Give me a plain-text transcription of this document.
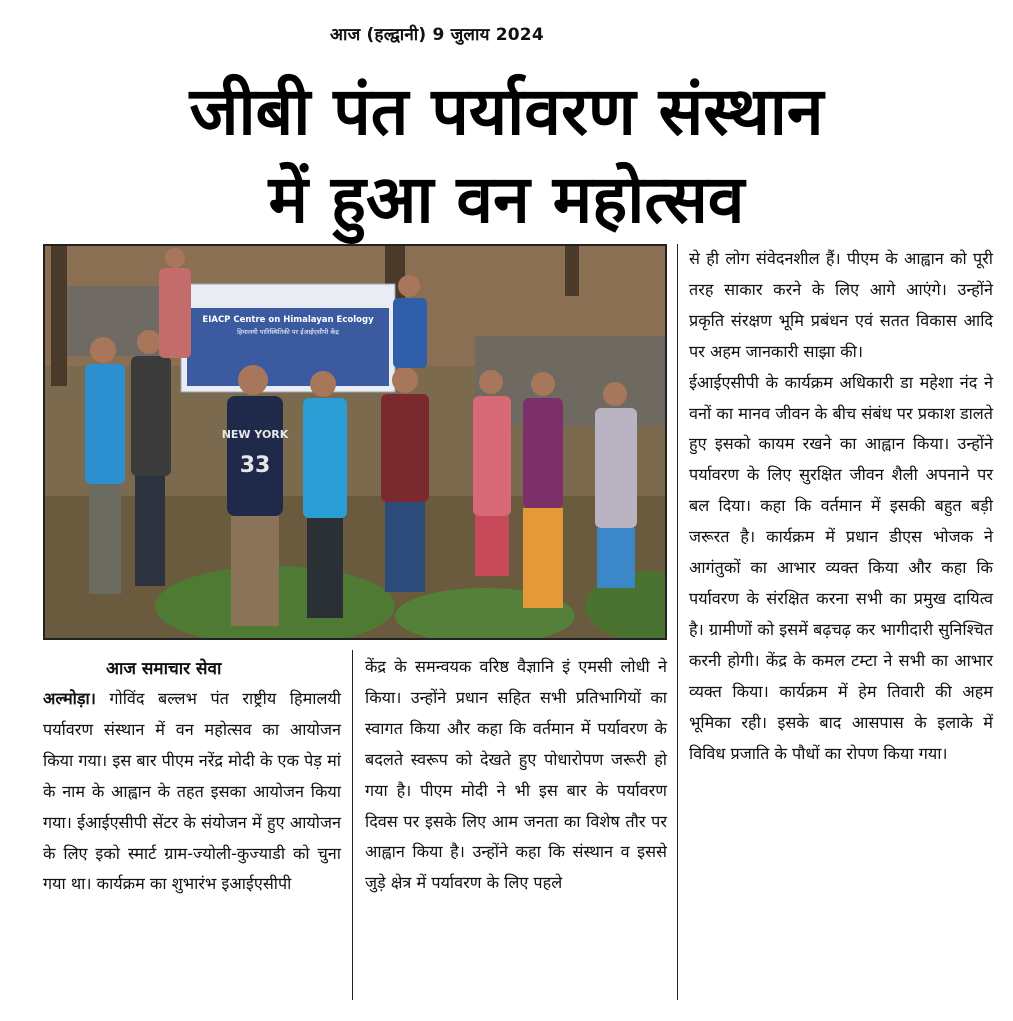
आज (हल्द्वानी) 9 जुलाय 2024
जीबी पंत पर्यावरण संस्थान
में हुआ वन महोत्सव
EIACP Centre on Himalayan Ecology
हिमालयी पारिस्थितिकी पर ईआईएसीपी केंद्र
NEW YORK
33
आज समाचार सेवा

अल्मोड़ा। गोविंद बल्लभ पंत राष्ट्रीय हिमालयी पर्यावरण संस्थान में वन महोत्सव का आयोजन किया गया। इस बार पीएम नरेंद्र मोदी के एक पेड़ मां के नाम के आह्वान के तहत इसका आयोजन किया गया। ईआईएसीपी सेंटर के संयोजन में हुए आयोजन के लिए इको स्मार्ट ग्राम-ज्योली-कुज्याडी को चुना गया था। कार्यक्रम का शुभारंभ इआईएसीपी

केंद्र के समन्वयक वरिष्ठ वैज्ञानि इं एमसी लोधी ने किया। उन्होंने प्रधान सहित सभी प्रतिभागियों का स्वागत किया और कहा कि वर्तमान में पर्यावरण के बदलते स्वरूप को देखते हुए पोधारोपण जरूरी हो गया है। पीएम मोदी ने भी इस बार के पर्यावरण दिवस पर इसके लिए आम जनता का विशेष तौर पर आह्वान किया है। उन्होंने कहा कि संस्थान व इससे जुड़े क्षेत्र में पर्यावरण के लिए पहले

से ही लोग संवेदनशील हैं। पीएम के आह्वान को पूरी तरह साकार करने के लिए आगे आएंगे। उन्होंने प्रकृति संरक्षण भूमि प्रबंधन एवं सतत विकास आदि पर अहम जानकारी साझा की।

ईआईएसीपी के कार्यक्रम अधिकारी डा महेशा नंद ने वनों का मानव जीवन के बीच संबंध पर प्रकाश डालते हुए इसको कायम रखने का आह्वान किया। उन्होंने पर्यावरण के लिए सुरक्षित जीवन शैली अपनाने पर बल दिया। कहा कि वर्तमान में इसकी बहुत बड़ी जरूरत है। कार्यक्रम में प्रधान डीएस भोजक ने आगंतुकों का आभार व्यक्त किया और कहा कि पर्यावरण के संरक्षित करना सभी का प्रमुख दायित्व है। ग्रामीणों को इसमें बढ़चढ़ कर भागीदारी सुनिश्चित करनी होगी। केंद्र के कमल टम्टा ने सभी का आभार व्यक्त किया। कार्यक्रम में हेम तिवारी की अहम भूमिका रही। इसके बाद आसपास के इलाके में विविध प्रजाति के पौधों का रोपण किया गया।
